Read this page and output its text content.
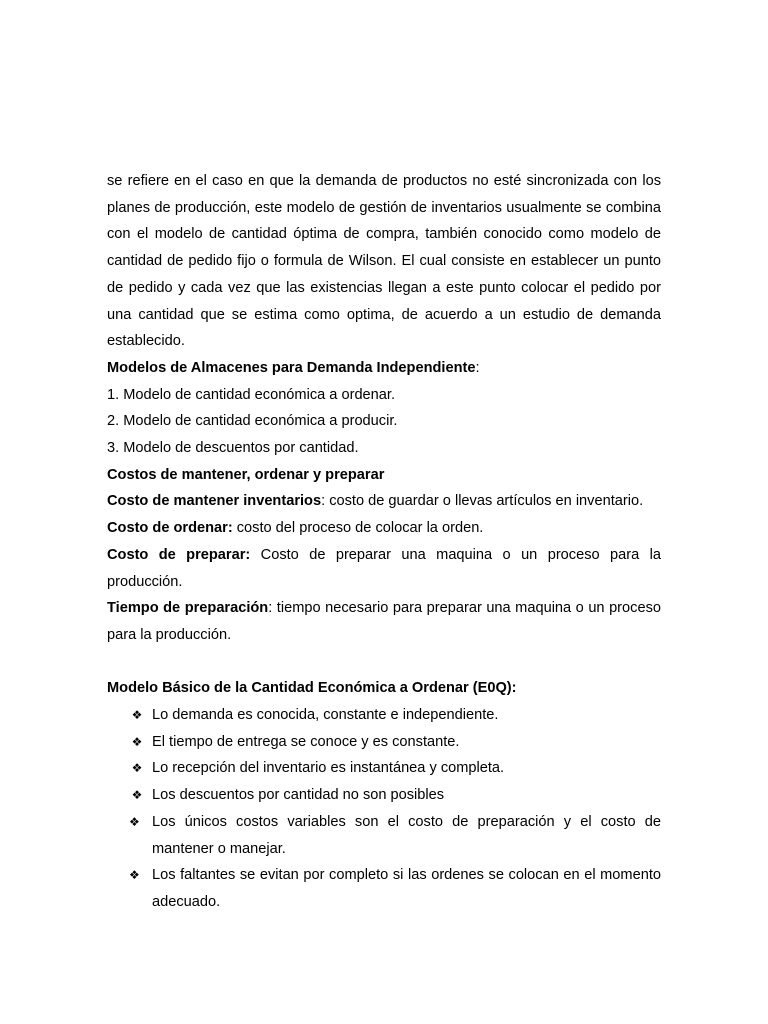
se refiere en el caso en que la demanda de productos no esté sincronizada con los planes de producción, este modelo de gestión de inventarios usualmente se combina con el modelo de cantidad óptima de compra, también conocido como modelo de cantidad de pedido fijo o formula de Wilson. El cual consiste en establecer un punto de pedido y cada vez que las existencias llegan a este punto colocar el pedido por una cantidad que se estima como optima, de acuerdo a un estudio de demanda establecido.

Modelos de Almacenes para Demanda Independiente:

1. Modelo de cantidad económica a ordenar.

2. Modelo de cantidad económica a producir.

3. Modelo de descuentos por cantidad.

Costos de mantener, ordenar y preparar

Costo de mantener inventarios: costo de guardar o llevas artículos en inventario.

Costo de ordenar: costo del proceso de colocar la orden.

Costo de preparar: Costo de preparar una maquina o un proceso para la producción.

Tiempo de preparación: tiempo necesario para preparar una maquina o un proceso para la producción.

Modelo Básico de la Cantidad Económica a Ordenar (E0Q):

❖ Lo demanda es conocida, constante e independiente.
❖ El tiempo de entrega se conoce y es constante.
❖ Lo recepción del inventario es instantánea y completa.
❖ Los descuentos por cantidad no son posibles
❖ Los únicos costos variables son el costo de preparación y el costo de mantener o manejar.
❖ Los faltantes se evitan por completo si las ordenes se colocan en el momento adecuado.
